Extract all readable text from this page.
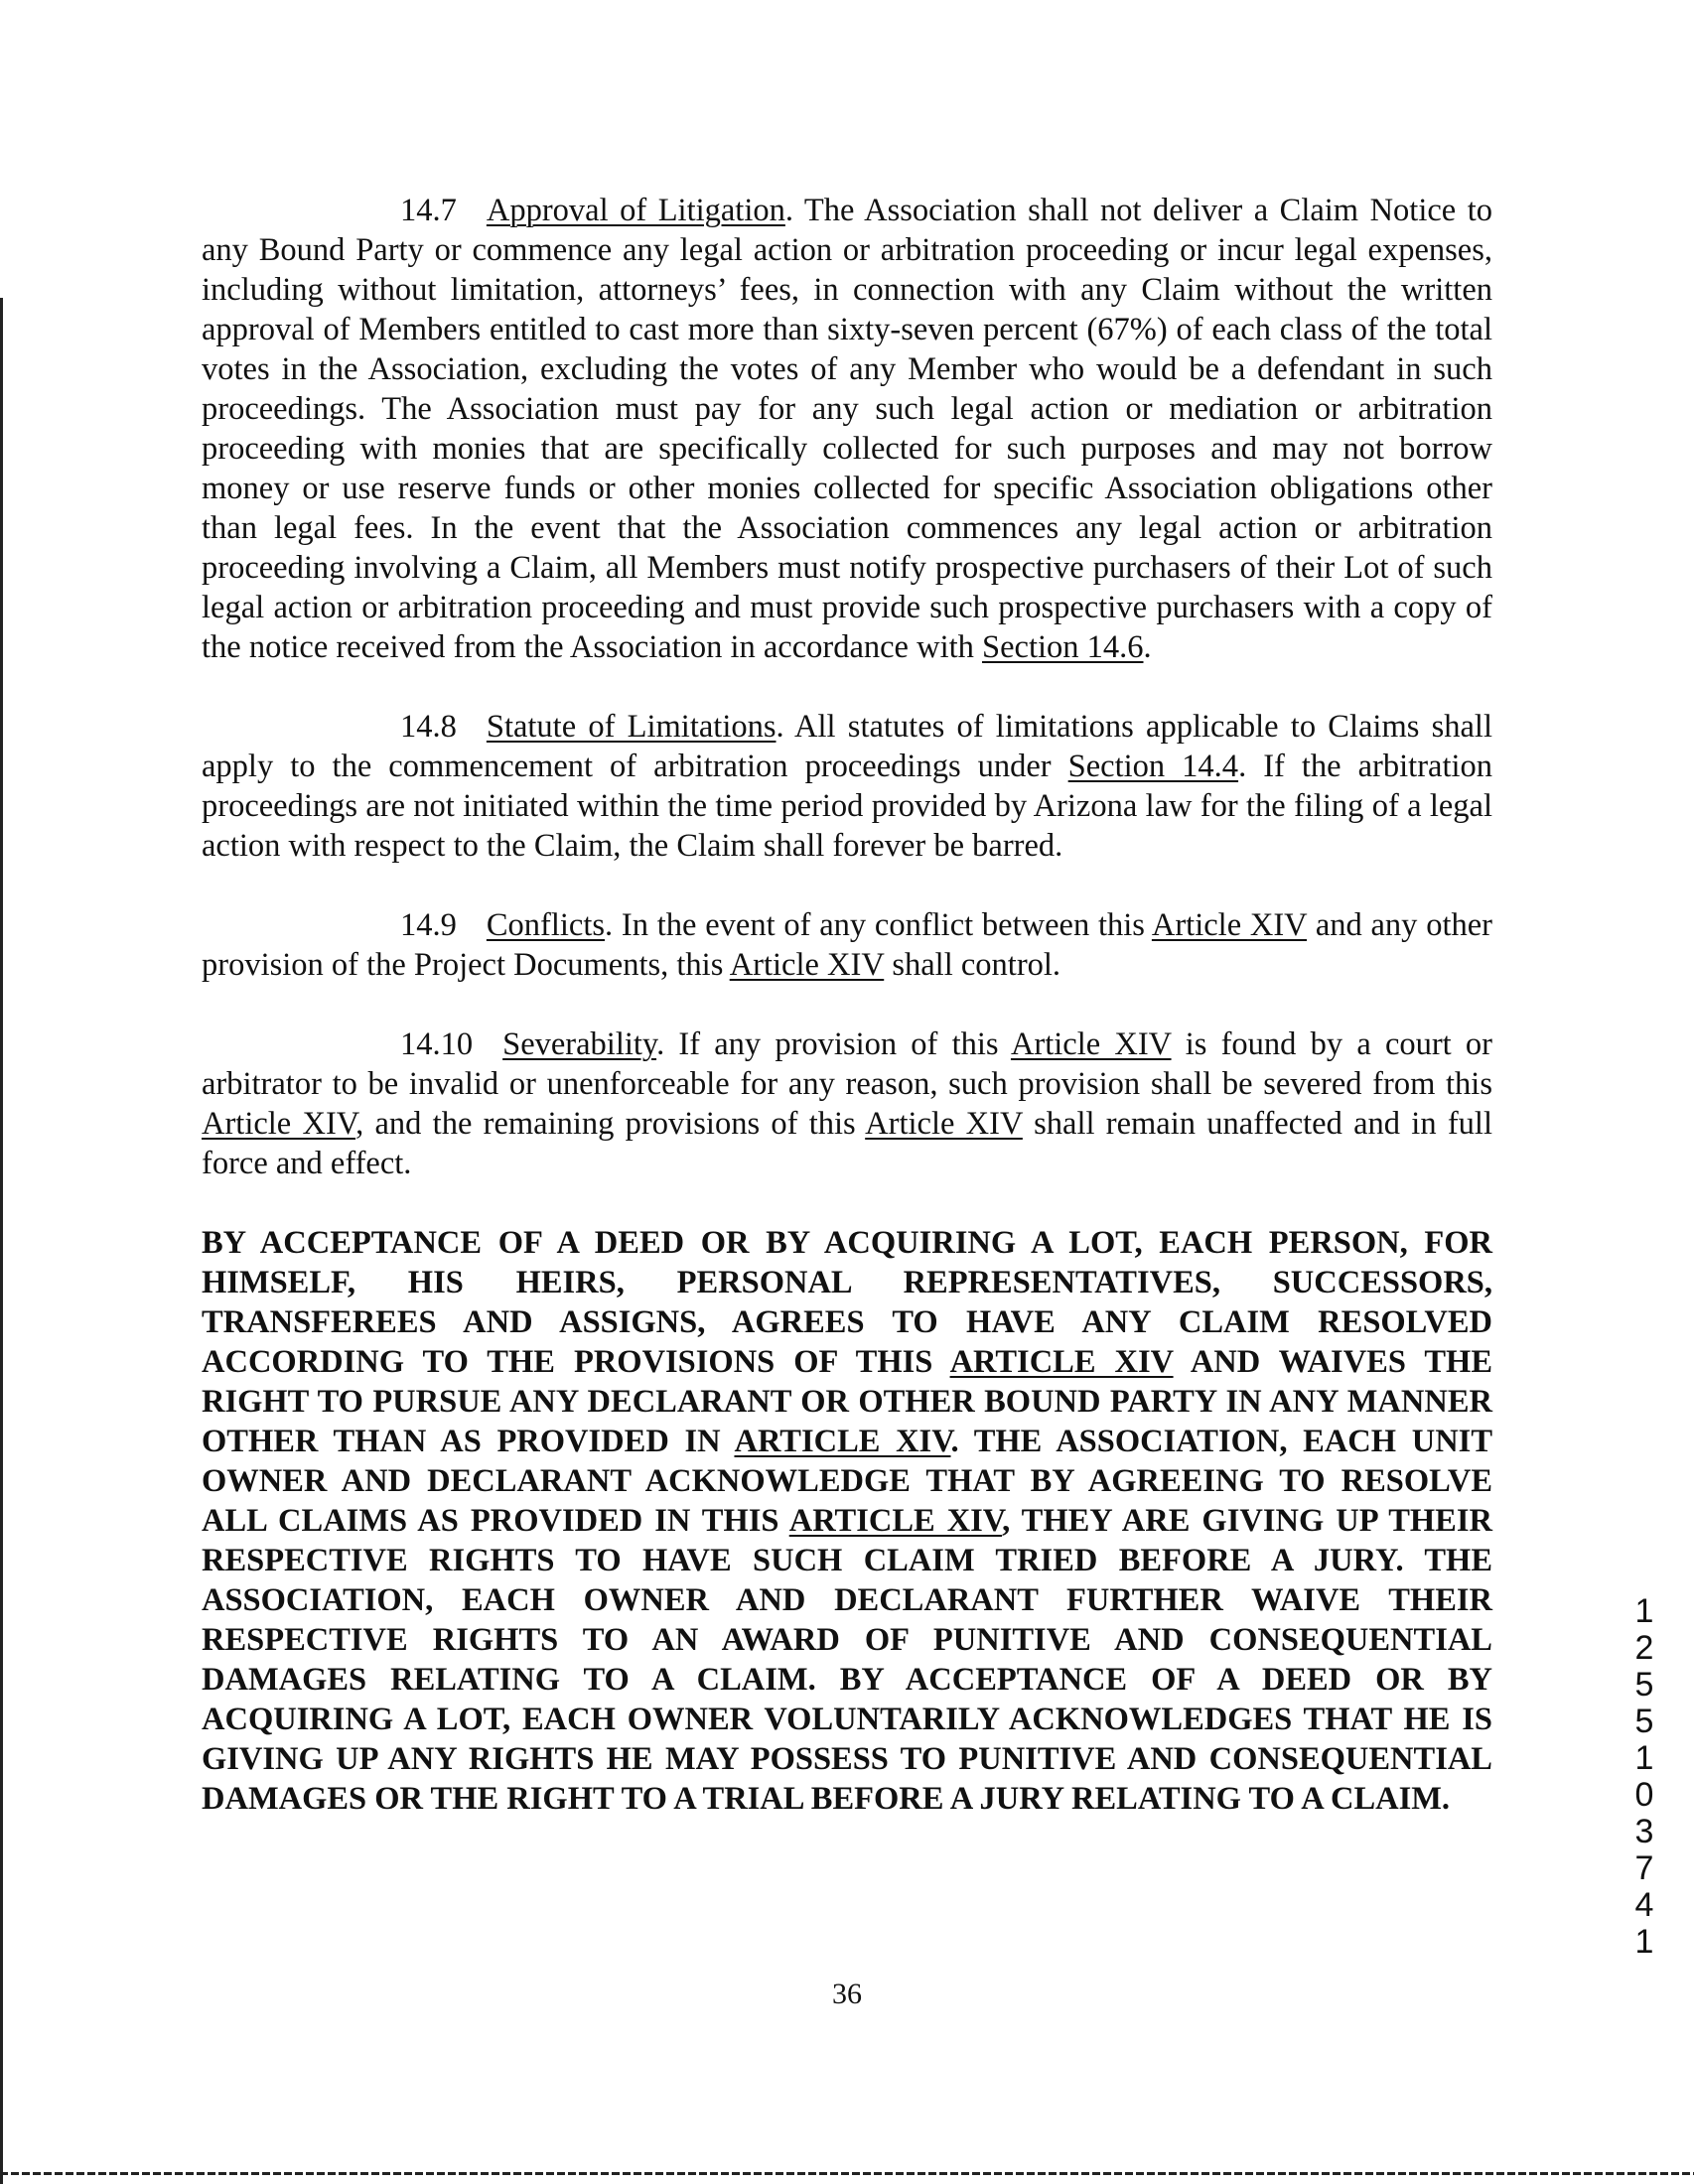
14.7 Approval of Litigation. The Association shall not deliver a Claim Notice to any Bound Party or commence any legal action or arbitration proceeding or incur legal expenses, including without limitation, attorneys’ fees, in connection with any Claim without the written approval of Members entitled to cast more than sixty-seven percent (67%) of each class of the total votes in the Association, excluding the votes of any Member who would be a defendant in such proceedings. The Association must pay for any such legal action or mediation or arbitration proceeding with monies that are specifically collected for such purposes and may not borrow money or use reserve funds or other monies collected for specific Association obligations other than legal fees. In the event that the Association commences any legal action or arbitration proceeding involving a Claim, all Members must notify prospective purchasers of their Lot of such legal action or arbitration proceeding and must provide such prospective purchasers with a copy of the notice received from the Association in accordance with Section 14.6.

14.8 Statute of Limitations. All statutes of limitations applicable to Claims shall apply to the commencement of arbitration proceedings under Section 14.4. If the arbitration proceedings are not initiated within the time period provided by Arizona law for the filing of a legal action with respect to the Claim, the Claim shall forever be barred.

14.9 Conflicts. In the event of any conflict between this Article XIV and any other provision of the Project Documents, this Article XIV shall control.

14.10 Severability. If any provision of this Article XIV is found by a court or arbitrator to be invalid or unenforceable for any reason, such provision shall be severed from this Article XIV, and the remaining provisions of this Article XIV shall remain unaffected and in full force and effect.

BY ACCEPTANCE OF A DEED OR BY ACQUIRING A LOT, EACH PERSON, FOR HIMSELF, HIS HEIRS, PERSONAL REPRESENTATIVES, SUCCESSORS, TRANSFEREES AND ASSIGNS, AGREES TO HAVE ANY CLAIM RESOLVED ACCORDING TO THE PROVISIONS OF THIS ARTICLE XIV AND WAIVES THE RIGHT TO PURSUE ANY DECLARANT OR OTHER BOUND PARTY IN ANY MANNER OTHER THAN AS PROVIDED IN ARTICLE XIV. THE ASSOCIATION, EACH UNIT OWNER AND DECLARANT ACKNOWLEDGE THAT BY AGREEING TO RESOLVE ALL CLAIMS AS PROVIDED IN THIS ARTICLE XIV, THEY ARE GIVING UP THEIR RESPECTIVE RIGHTS TO HAVE SUCH CLAIM TRIED BEFORE A JURY. THE ASSOCIATION, EACH OWNER AND DECLARANT FURTHER WAIVE THEIR RESPECTIVE RIGHTS TO AN AWARD OF PUNITIVE AND CONSEQUENTIAL DAMAGES RELATING TO A CLAIM. BY ACCEPTANCE OF A DEED OR BY ACQUIRING A LOT, EACH OWNER VOLUNTARILY ACKNOWLEDGES THAT HE IS GIVING UP ANY RIGHTS HE MAY POSSESS TO PUNITIVE AND CONSEQUENTIAL DAMAGES OR THE RIGHT TO A TRIAL BEFORE A JURY RELATING TO A CLAIM.

36
12551 03741
